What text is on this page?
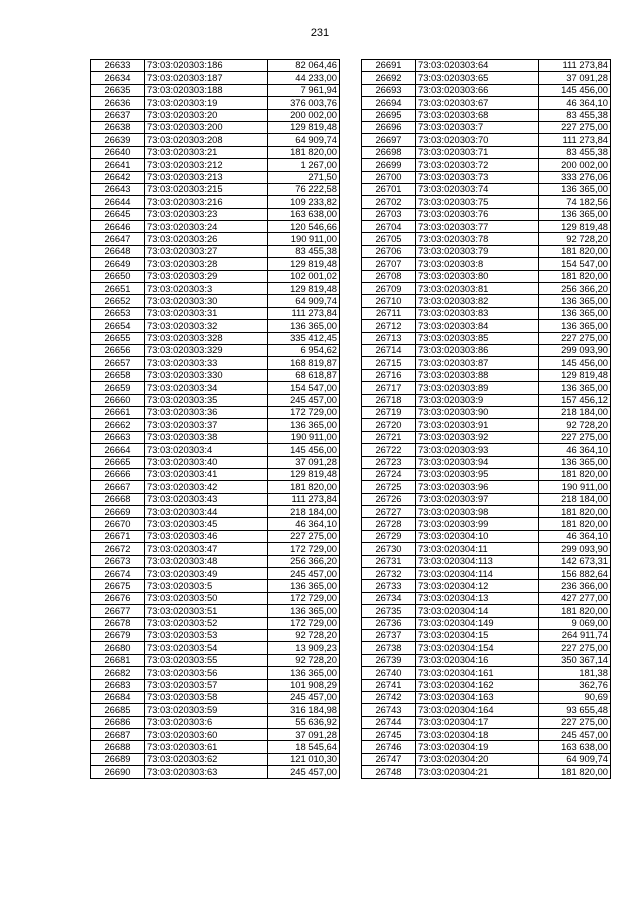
231
26633	73:03:020303:186	82 064,46
26634	73:03:020303:187	44 233,00
26635	73:03:020303:188	7 961,94
26636	73:03:020303:19	376 003,76
26637	73:03:020303:20	200 002,00
26638	73:03:020303:200	129 819,48
26639	73:03:020303:208	64 909,74
26640	73:03:020303:21	181 820,00
26641	73:03:020303:212	1 267,00
26642	73:03:020303:213	271,50
26643	73:03:020303:215	76 222,58
26644	73:03:020303:216	109 233,82
26645	73:03:020303:23	163 638,00
26646	73:03:020303:24	120 546,66
26647	73:03:020303:26	190 911,00
26648	73:03:020303:27	83 455,38
26649	73:03:020303:28	129 819,48
26650	73:03:020303:29	102 001,02
26651	73:03:020303:3	129 819,48
26652	73:03:020303:30	64 909,74
26653	73:03:020303:31	111 273,84
26654	73:03:020303:32	136 365,00
26655	73:03:020303:328	335 412,45
26656	73:03:020303:329	6 954,62
26657	73:03:020303:33	168 819,87
26658	73:03:020303:330	68 618,87
26659	73:03:020303:34	154 547,00
26660	73:03:020303:35	245 457,00
26661	73:03:020303:36	172 729,00
26662	73:03:020303:37	136 365,00
26663	73:03:020303:38	190 911,00
26664	73:03:020303:4	145 456,00
26665	73:03:020303:40	37 091,28
26666	73:03:020303:41	129 819,48
26667	73:03:020303:42	181 820,00
26668	73:03:020303:43	111 273,84
26669	73:03:020303:44	218 184,00
26670	73:03:020303:45	46 364,10
26671	73:03:020303:46	227 275,00
26672	73:03:020303:47	172 729,00
26673	73:03:020303:48	256 366,20
26674	73:03:020303:49	245 457,00
26675	73:03:020303:5	136 365,00
26676	73:03:020303:50	172 729,00
26677	73:03:020303:51	136 365,00
26678	73:03:020303:52	172 729,00
26679	73:03:020303:53	92 728,20
26680	73:03:020303:54	13 909,23
26681	73:03:020303:55	92 728,20
26682	73:03:020303:56	136 365,00
26683	73:03:020303:57	101 908,29
26684	73:03:020303:58	245 457,00
26685	73:03:020303:59	316 184,98
26686	73:03:020303:6	55 636,92
26687	73:03:020303:60	37 091,28
26688	73:03:020303:61	18 545,64
26689	73:03:020303:62	121 010,30
26690	73:03:020303:63	245 457,00
26691	73:03:020303:64	111 273,84
26692	73:03:020303:65	37 091,28
26693	73:03:020303:66	145 456,00
26694	73:03:020303:67	46 364,10
26695	73:03:020303:68	83 455,38
26696	73:03:020303:7	227 275,00
26697	73:03:020303:70	111 273,84
26698	73:03:020303:71	83 455,38
26699	73:03:020303:72	200 002,00
26700	73:03:020303:73	333 276,06
26701	73:03:020303:74	136 365,00
26702	73:03:020303:75	74 182,56
26703	73:03:020303:76	136 365,00
26704	73:03:020303:77	129 819,48
26705	73:03:020303:78	92 728,20
26706	73:03:020303:79	181 820,00
26707	73:03:020303:8	154 547,00
26708	73:03:020303:80	181 820,00
26709	73:03:020303:81	256 366,20
26710	73:03:020303:82	136 365,00
26711	73:03:020303:83	136 365,00
26712	73:03:020303:84	136 365,00
26713	73:03:020303:85	227 275,00
26714	73:03:020303:86	299 093,90
26715	73:03:020303:87	145 456,00
26716	73:03:020303:88	129 819,48
26717	73:03:020303:89	136 365,00
26718	73:03:020303:9	157 456,12
26719	73:03:020303:90	218 184,00
26720	73:03:020303:91	92 728,20
26721	73:03:020303:92	227 275,00
26722	73:03:020303:93	46 364,10
26723	73:03:020303:94	136 365,00
26724	73:03:020303:95	181 820,00
26725	73:03:020303:96	190 911,00
26726	73:03:020303:97	218 184,00
26727	73:03:020303:98	181 820,00
26728	73:03:020303:99	181 820,00
26729	73:03:020304:10	46 364,10
26730	73:03:020304:11	299 093,90
26731	73:03:020304:113	142 673,31
26732	73:03:020304:114	156 882,64
26733	73:03:020304:12	236 366,00
26734	73:03:020304:13	427 277,00
26735	73:03:020304:14	181 820,00
26736	73:03:020304:149	9 069,00
26737	73:03:020304:15	264 911,74
26738	73:03:020304:154	227 275,00
26739	73:03:020304:16	350 367,14
26740	73:03:020304:161	181,38
26741	73:03:020304:162	362,76
26742	73:03:020304:163	90,69
26743	73:03:020304:164	93 655,48
26744	73:03:020304:17	227 275,00
26745	73:03:020304:18	245 457,00
26746	73:03:020304:19	163 638,00
26747	73:03:020304:20	64 909,74
26748	73:03:020304:21	181 820,00
